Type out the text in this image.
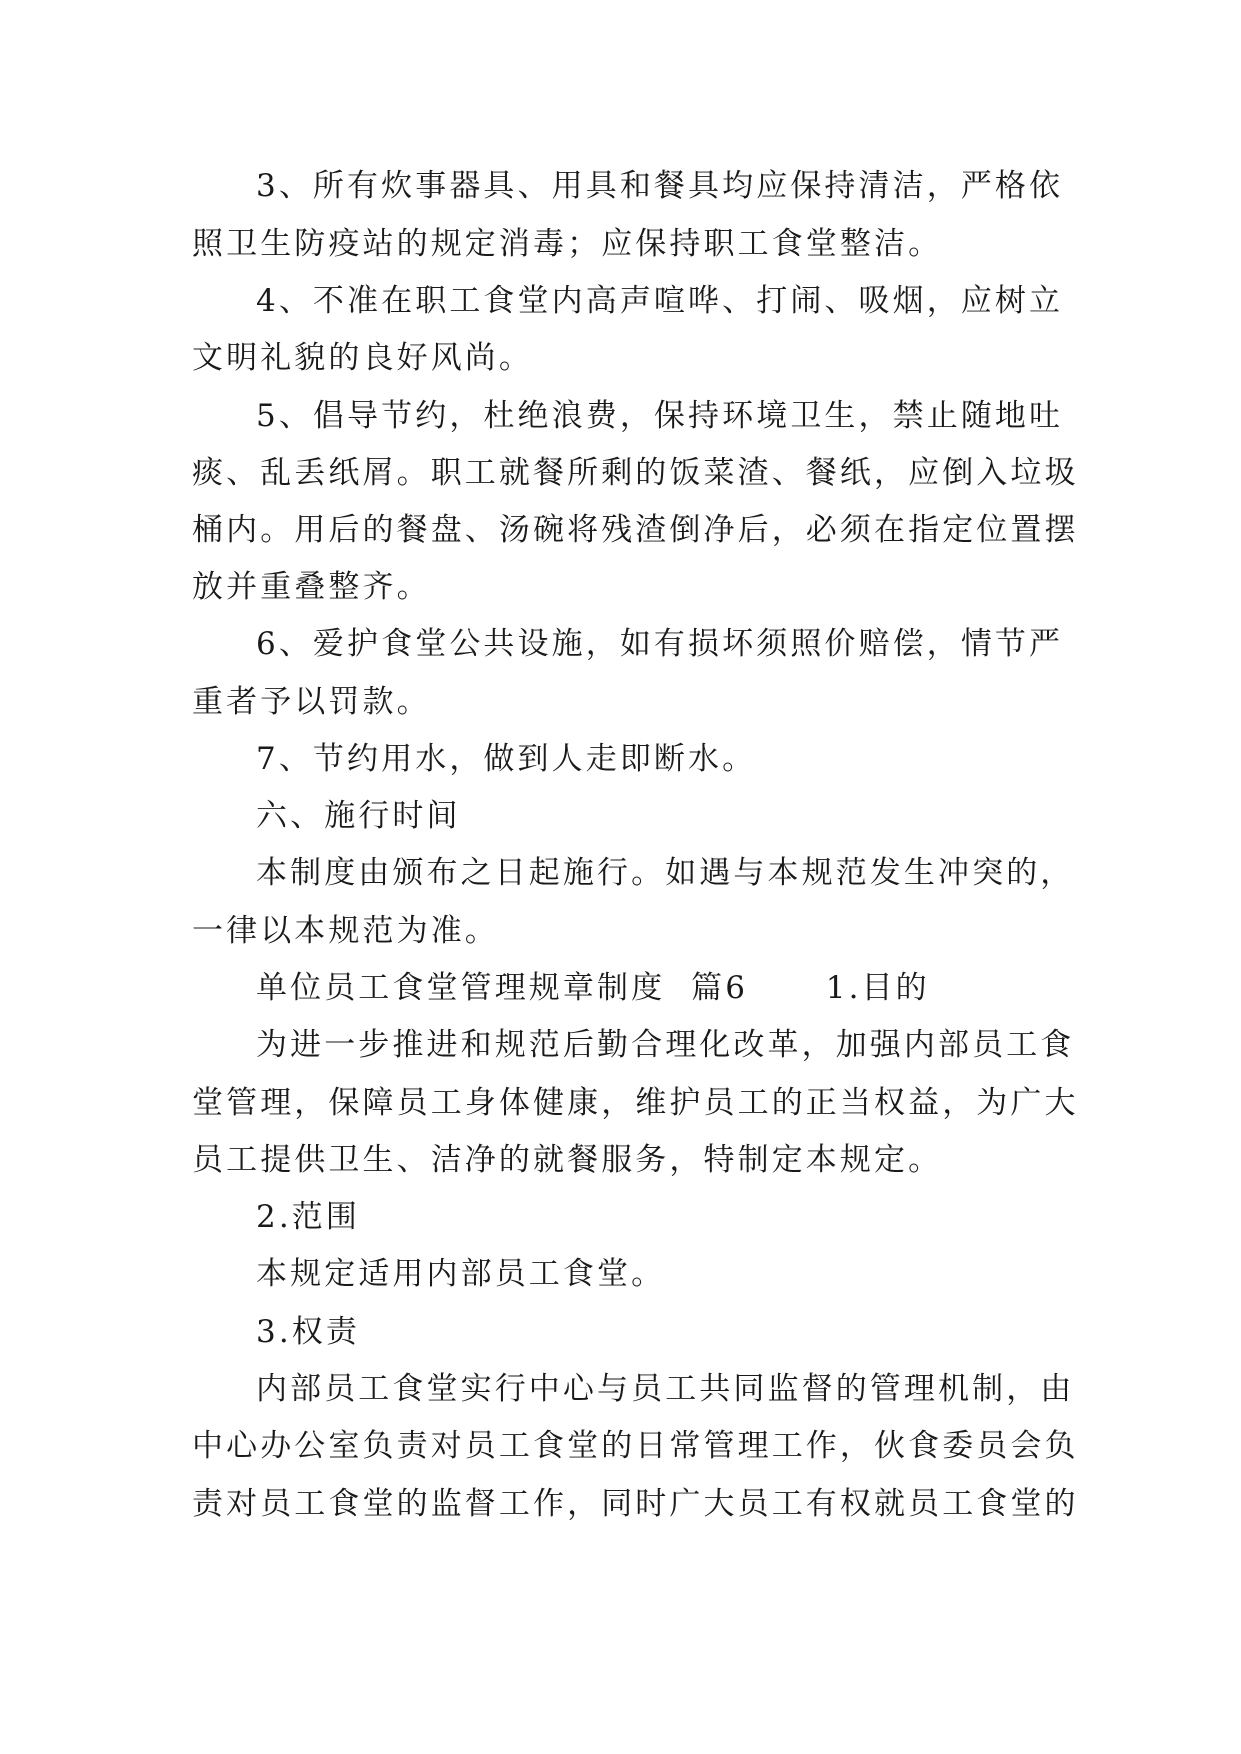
3、所有炊事器具、用具和餐具均应保持清洁，严格依
照卫生防疫站的规定消毒；应保持职工食堂整洁。
4、不准在职工食堂内高声喧哗、打闹、吸烟，应树立
文明礼貌的良好风尚。
5、倡导节约，杜绝浪费，保持环境卫生，禁止随地吐
痰、乱丢纸屑。职工就餐所剩的饭菜渣、餐纸，应倒入垃圾
桶内。用后的餐盘、汤碗将残渣倒净后，必须在指定位置摆
放并重叠整齐。
6、爱护食堂公共设施，如有损坏须照价赔偿，情节严
重者予以罚款。
7、节约用水，做到人走即断水。
六、施行时间
本制度由颁布之日起施行。如遇与本规范发生冲突的，
一律以本规范为准。
单位员工食堂管理规章制度  篇6      1.目的
为进一步推进和规范后勤合理化改革，加强内部员工食
堂管理，保障员工身体健康，维护员工的正当权益，为广大
员工提供卫生、洁净的就餐服务，特制定本规定。
2.范围
本规定适用内部员工食堂。
3.权责
内部员工食堂实行中心与员工共同监督的管理机制，由
中心办公室负责对员工食堂的日常管理工作，伙食委员会负
责对员工食堂的监督工作，同时广大员工有权就员工食堂的
